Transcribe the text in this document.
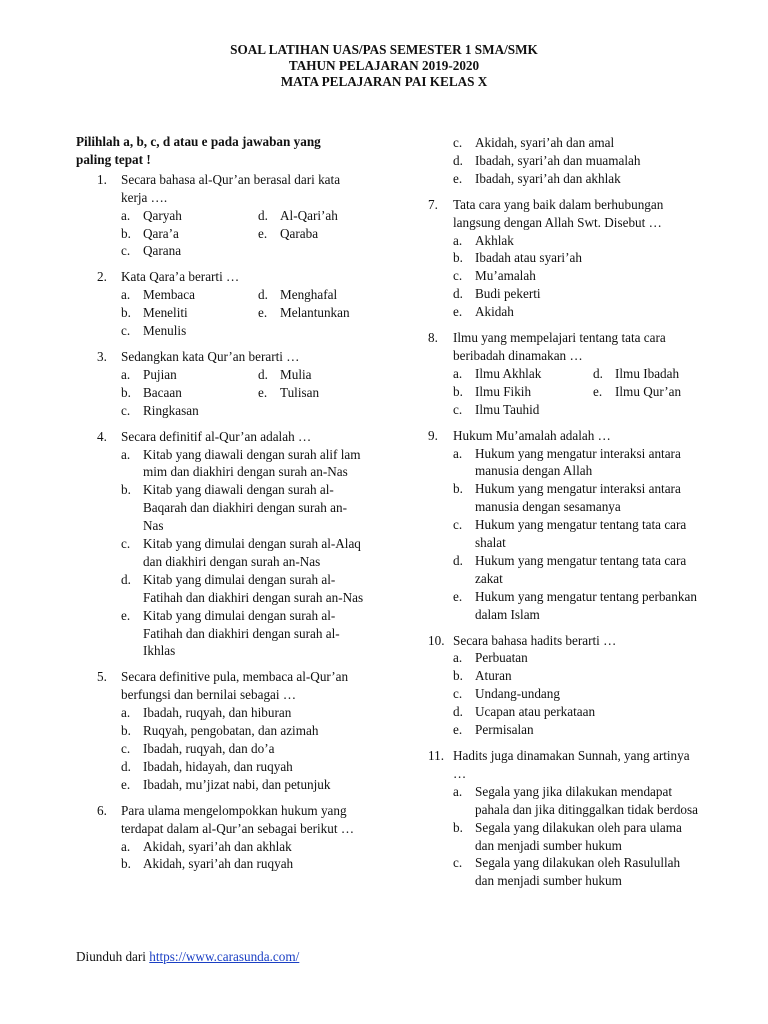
SOAL LATIHAN UAS/PAS SEMESTER 1 SMA/SMK
TAHUN PELAJARAN 2019-2020
MATA PELAJARAN PAI KELAS X
Pilihlah a, b, c, d atau e pada jawaban yang
paling tepat !
1.	Secara bahasa al-Qur’an berasal dari kata kerja ….
a. Qaryah	d. Al-Qari’ah
b. Qara’a	e. Qaraba
c. Qarana
2.	Kata Qara’a berarti …
a. Membaca	d. Menghafal
b. Meneliti	e. Melantunkan
c. Menulis
3.	Sedangkan kata Qur’an berarti …
a. Pujian	d. Mulia
b. Bacaan	e. Tulisan
c. Ringkasan
4.	Secara definitif al-Qur’an adalah …
a. Kitab yang diawali dengan surah alif lam mim dan diakhiri dengan surah an-Nas
b. Kitab yang diawali dengan surah al-Baqarah dan diakhiri dengan surah an-Nas
c. Kitab yang dimulai dengan surah al-Alaq dan diakhiri dengan surah an-Nas
d. Kitab yang dimulai dengan surah al-Fatihah dan diakhiri dengan surah an-Nas
e. Kitab yang dimulai dengan surah al-Fatihah dan diakhiri dengan surah al-Ikhlas
5.	Secara definitive pula, membaca al-Qur’an berfungsi dan bernilai sebagai …
a. Ibadah, ruqyah, dan hiburan
b. Ruqyah, pengobatan, dan azimah
c. Ibadah, ruqyah, dan do’a
d. Ibadah, hidayah, dan ruqyah
e. Ibadah, mu’jizat nabi, dan petunjuk
6.	Para ulama mengelompokkan hukum yang terdapat dalam al-Qur’an sebagai berikut …
a. Akidah, syari’ah dan akhlak
b. Akidah, syari’ah dan ruqyah
c. Akidah, syari’ah dan amal
d. Ibadah, syari’ah dan muamalah
e. Ibadah, syari’ah dan akhlak
7.	Tata cara yang baik dalam berhubungan langsung dengan Allah Swt. Disebut …
a. Akhlak
b. Ibadah atau syari’ah
c. Mu’amalah
d. Budi pekerti
e. Akidah
8.	Ilmu yang mempelajari tentang tata cara beribadah dinamakan …
a. Ilmu Akhlak	d. Ilmu Ibadah
b. Ilmu Fikih	e. Ilmu Qur’an
c. Ilmu Tauhid
9.	Hukum Mu’amalah adalah …
a. Hukum yang mengatur interaksi antara manusia dengan Allah
b. Hukum yang mengatur interaksi antara manusia dengan sesamanya
c. Hukum yang mengatur tentang tata cara shalat
d. Hukum yang mengatur tentang tata cara zakat
e. Hukum yang mengatur tentang perbankan dalam Islam
10. Secara bahasa hadits berarti …
a. Perbuatan
b. Aturan
c. Undang-undang
d. Ucapan atau perkataan
e. Permisalan
11. Hadits juga dinamakan Sunnah, yang artinya …
a. Segala yang jika dilakukan mendapat pahala dan jika ditinggalkan tidak berdosa
b. Segala yang dilakukan oleh para ulama dan menjadi sumber hukum
c. Segala yang dilakukan oleh Rasulullah dan menjadi sumber hukum
Diunduh dari https://www.carasunda.com/
